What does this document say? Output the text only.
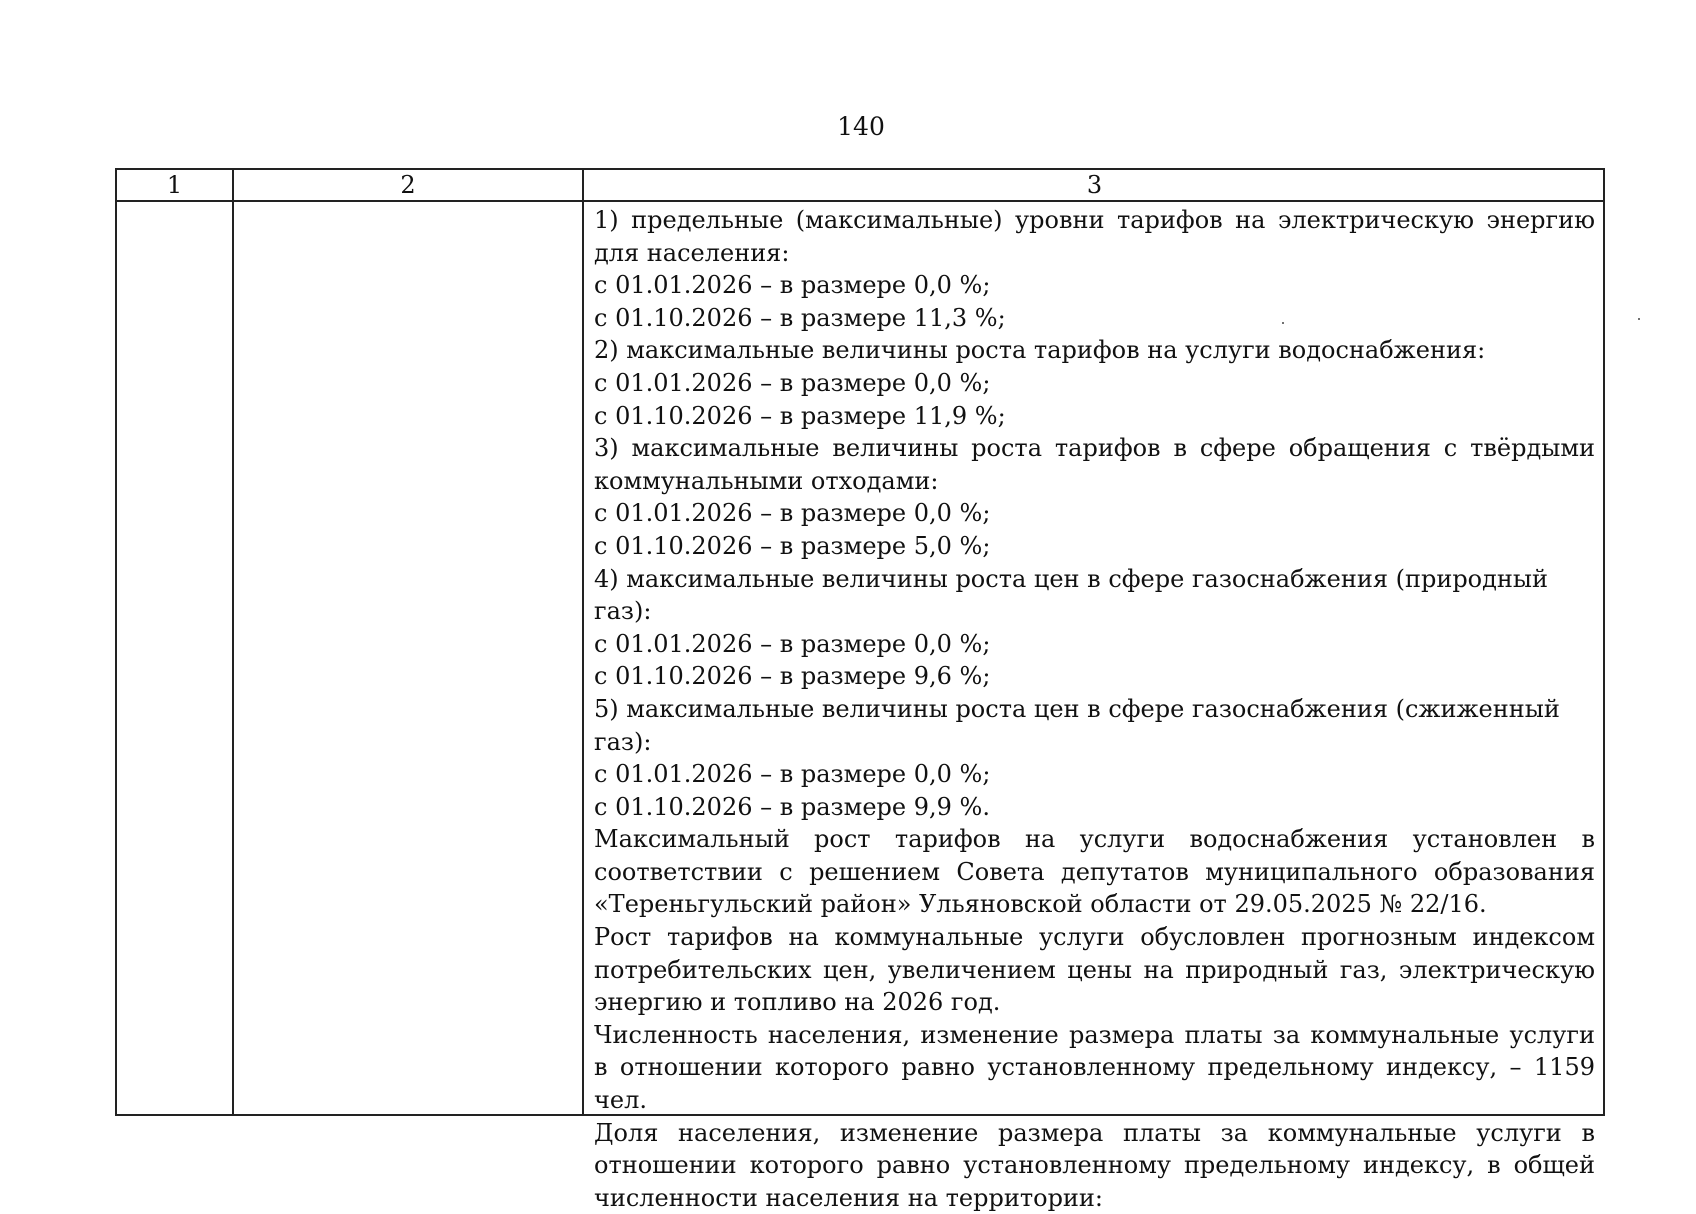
140
1	2	3

1) предельные (максимальные) уровни тарифов на электрическую энергию для населения:

с 01.01.2026 – в размере 0,0 %;

с 01.10.2026 – в размере 11,3 %;

2) максимальные величины роста тарифов на услуги водоснабжения:

с 01.01.2026 – в размере 0,0 %;

с 01.10.2026 – в размере 11,9 %;

3) максимальные величины роста тарифов в сфере обращения с твёрдыми коммунальными отходами:

с 01.01.2026 – в размере 0,0 %;

с 01.10.2026 – в размере 5,0 %;

4) максимальные величины роста цен в сфере газоснабжения (природный газ):

с 01.01.2026 – в размере 0,0 %;

с 01.10.2026 – в размере 9,6 %;

5) максимальные величины роста цен в сфере газоснабжения (сжиженный газ):

с 01.01.2026 – в размере 0,0 %;

с 01.10.2026 – в размере 9,9 %.

Максимальный рост тарифов на услуги водоснабжения установлен в соответствии с решением Совета депутатов муниципального образования «Тереньгульский район» Ульяновской области от 29.05.2025 № 22/16.

Рост тарифов на коммунальные услуги обусловлен прогнозным индексом потребительских цен, увеличением цены на природный газ, электрическую энергию и топливо на 2026 год.

Численность населения, изменение размера платы за коммунальные услуги в отношении которого равно установленному предельному индексу, – 1159 чел.

Доля населения, изменение размера платы за коммунальные услуги в отношении которого равно установленному предельному индексу, в общей численности населения на территории:
